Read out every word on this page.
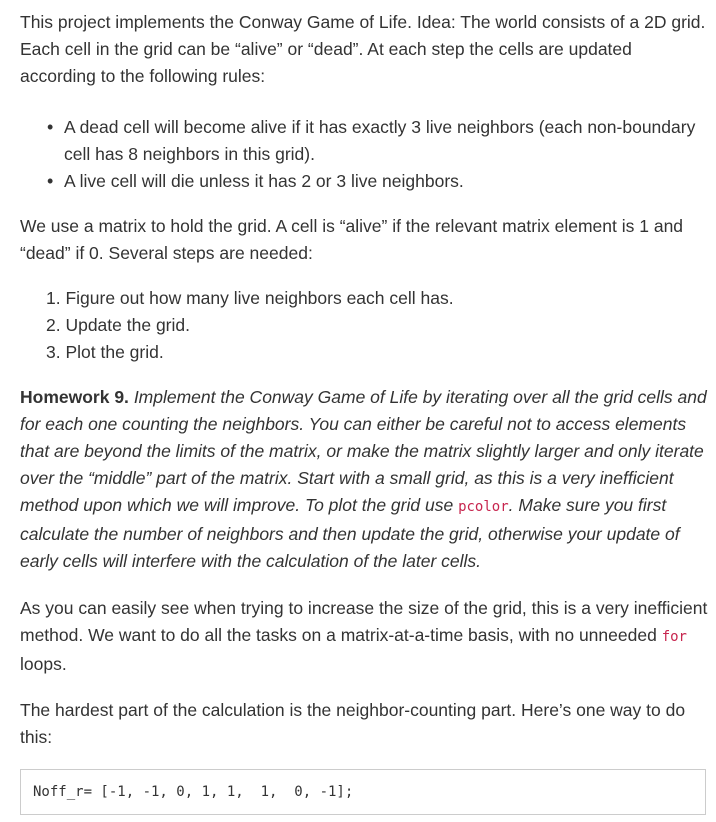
This project implements the Conway Game of Life. Idea: The world consists of a 2D grid. Each cell in the grid can be “alive” or “dead”. At each step the cells are updated according to the following rules:

• A dead cell will become alive if it has exactly 3 live neighbors (each non-boundary cell has 8 neighbors in this grid).
• A live cell will die unless it has 2 or 3 live neighbors.

We use a matrix to hold the grid. A cell is “alive” if the relevant matrix element is 1 and “dead” if 0. Several steps are needed:

1. Figure out how many live neighbors each cell has.
2. Update the grid.
3. Plot the grid.

Homework 9. Implement the Conway Game of Life by iterating over all the grid cells and for each one counting the neighbors. You can either be careful not to access elements that are beyond the limits of the matrix, or make the matrix slightly larger and only iterate over the “middle” part of the matrix. Start with a small grid, as this is a very inefficient method upon which we will improve. To plot the grid use pcolor. Make sure you first calculate the number of neighbors and then update the grid, otherwise your update of early cells will interfere with the calculation of the later cells.

As you can easily see when trying to increase the size of the grid, this is a very inefficient method. We want to do all the tasks on a matrix-at-a-time basis, with no unneeded for loops.

The hardest part of the calculation is the neighbor-counting part. Here’s one way to do this:

Noff_r= [-1, -1, 0, 1, 1,  1,  0, -1];
